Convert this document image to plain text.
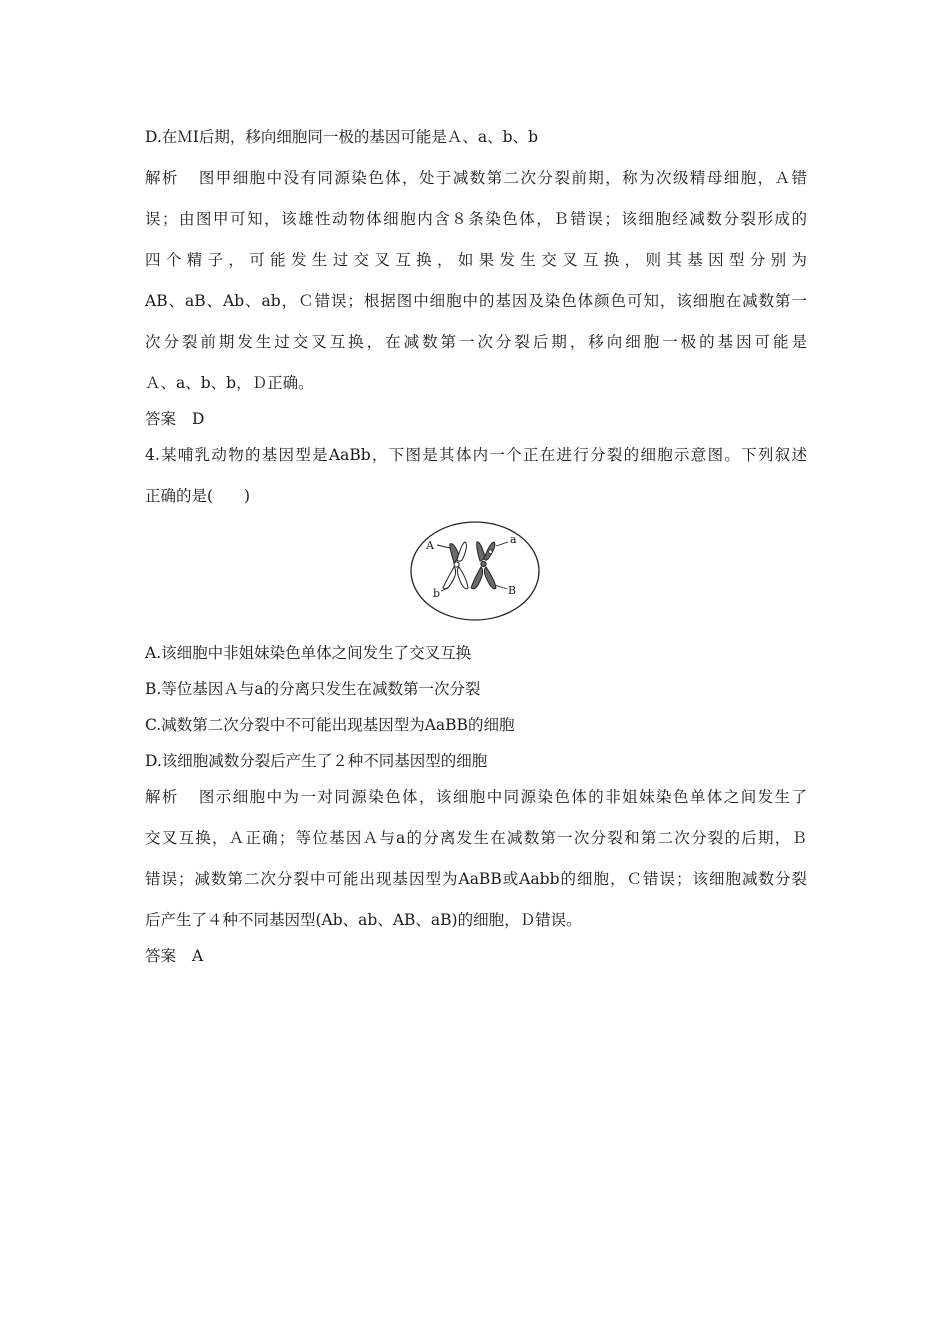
D.在ＭⅠ后期，移向细胞同一极的基因可能是Ａ、a、b、b

解析 图甲细胞中没有同源染色体，处于减数第二次分裂前期，称为次级精母细胞，Ａ错

误；由图甲可知，该雄性动物体细胞内含８条染色体，Ｂ错误；该细胞经减数分裂形成的

四个精子，可能发生过交叉互换，如果发生交叉互换，则其基因型分别为

AB、aB、Ab、ab，Ｃ错误；根据图中细胞中的基因及染色体颜色可知，该细胞在减数第一

次分裂前期发生过交叉互换，在减数第一次分裂后期，移向细胞一极的基因可能是

Ａ、a、b、b，Ｄ正确。

答案 D

4.某哺乳动物的基因型是AaBb，下图是其体内一个正在进行分裂的细胞示意图。下列叙述

正确的是(　　)

A
b
a
B

A.该细胞中非姐妹染色单体之间发生了交叉互换

B.等位基因Ａ与a的分离只发生在减数第一次分裂

C.减数第二次分裂中不可能出现基因型为AaBB的细胞

D.该细胞减数分裂后产生了２种不同基因型的细胞

解析 图示细胞中为一对同源染色体，该细胞中同源染色体的非姐妹染色单体之间发生了

交叉互换，Ａ正确；等位基因Ａ与a的分离发生在减数第一次分裂和第二次分裂的后期，Ｂ

错误；减数第二次分裂中可能出现基因型为AaBB或Aabb的细胞，Ｃ错误；该细胞减数分裂

后产生了４种不同基因型(Ab、ab、AB、aB)的细胞，Ｄ错误。

答案 A
